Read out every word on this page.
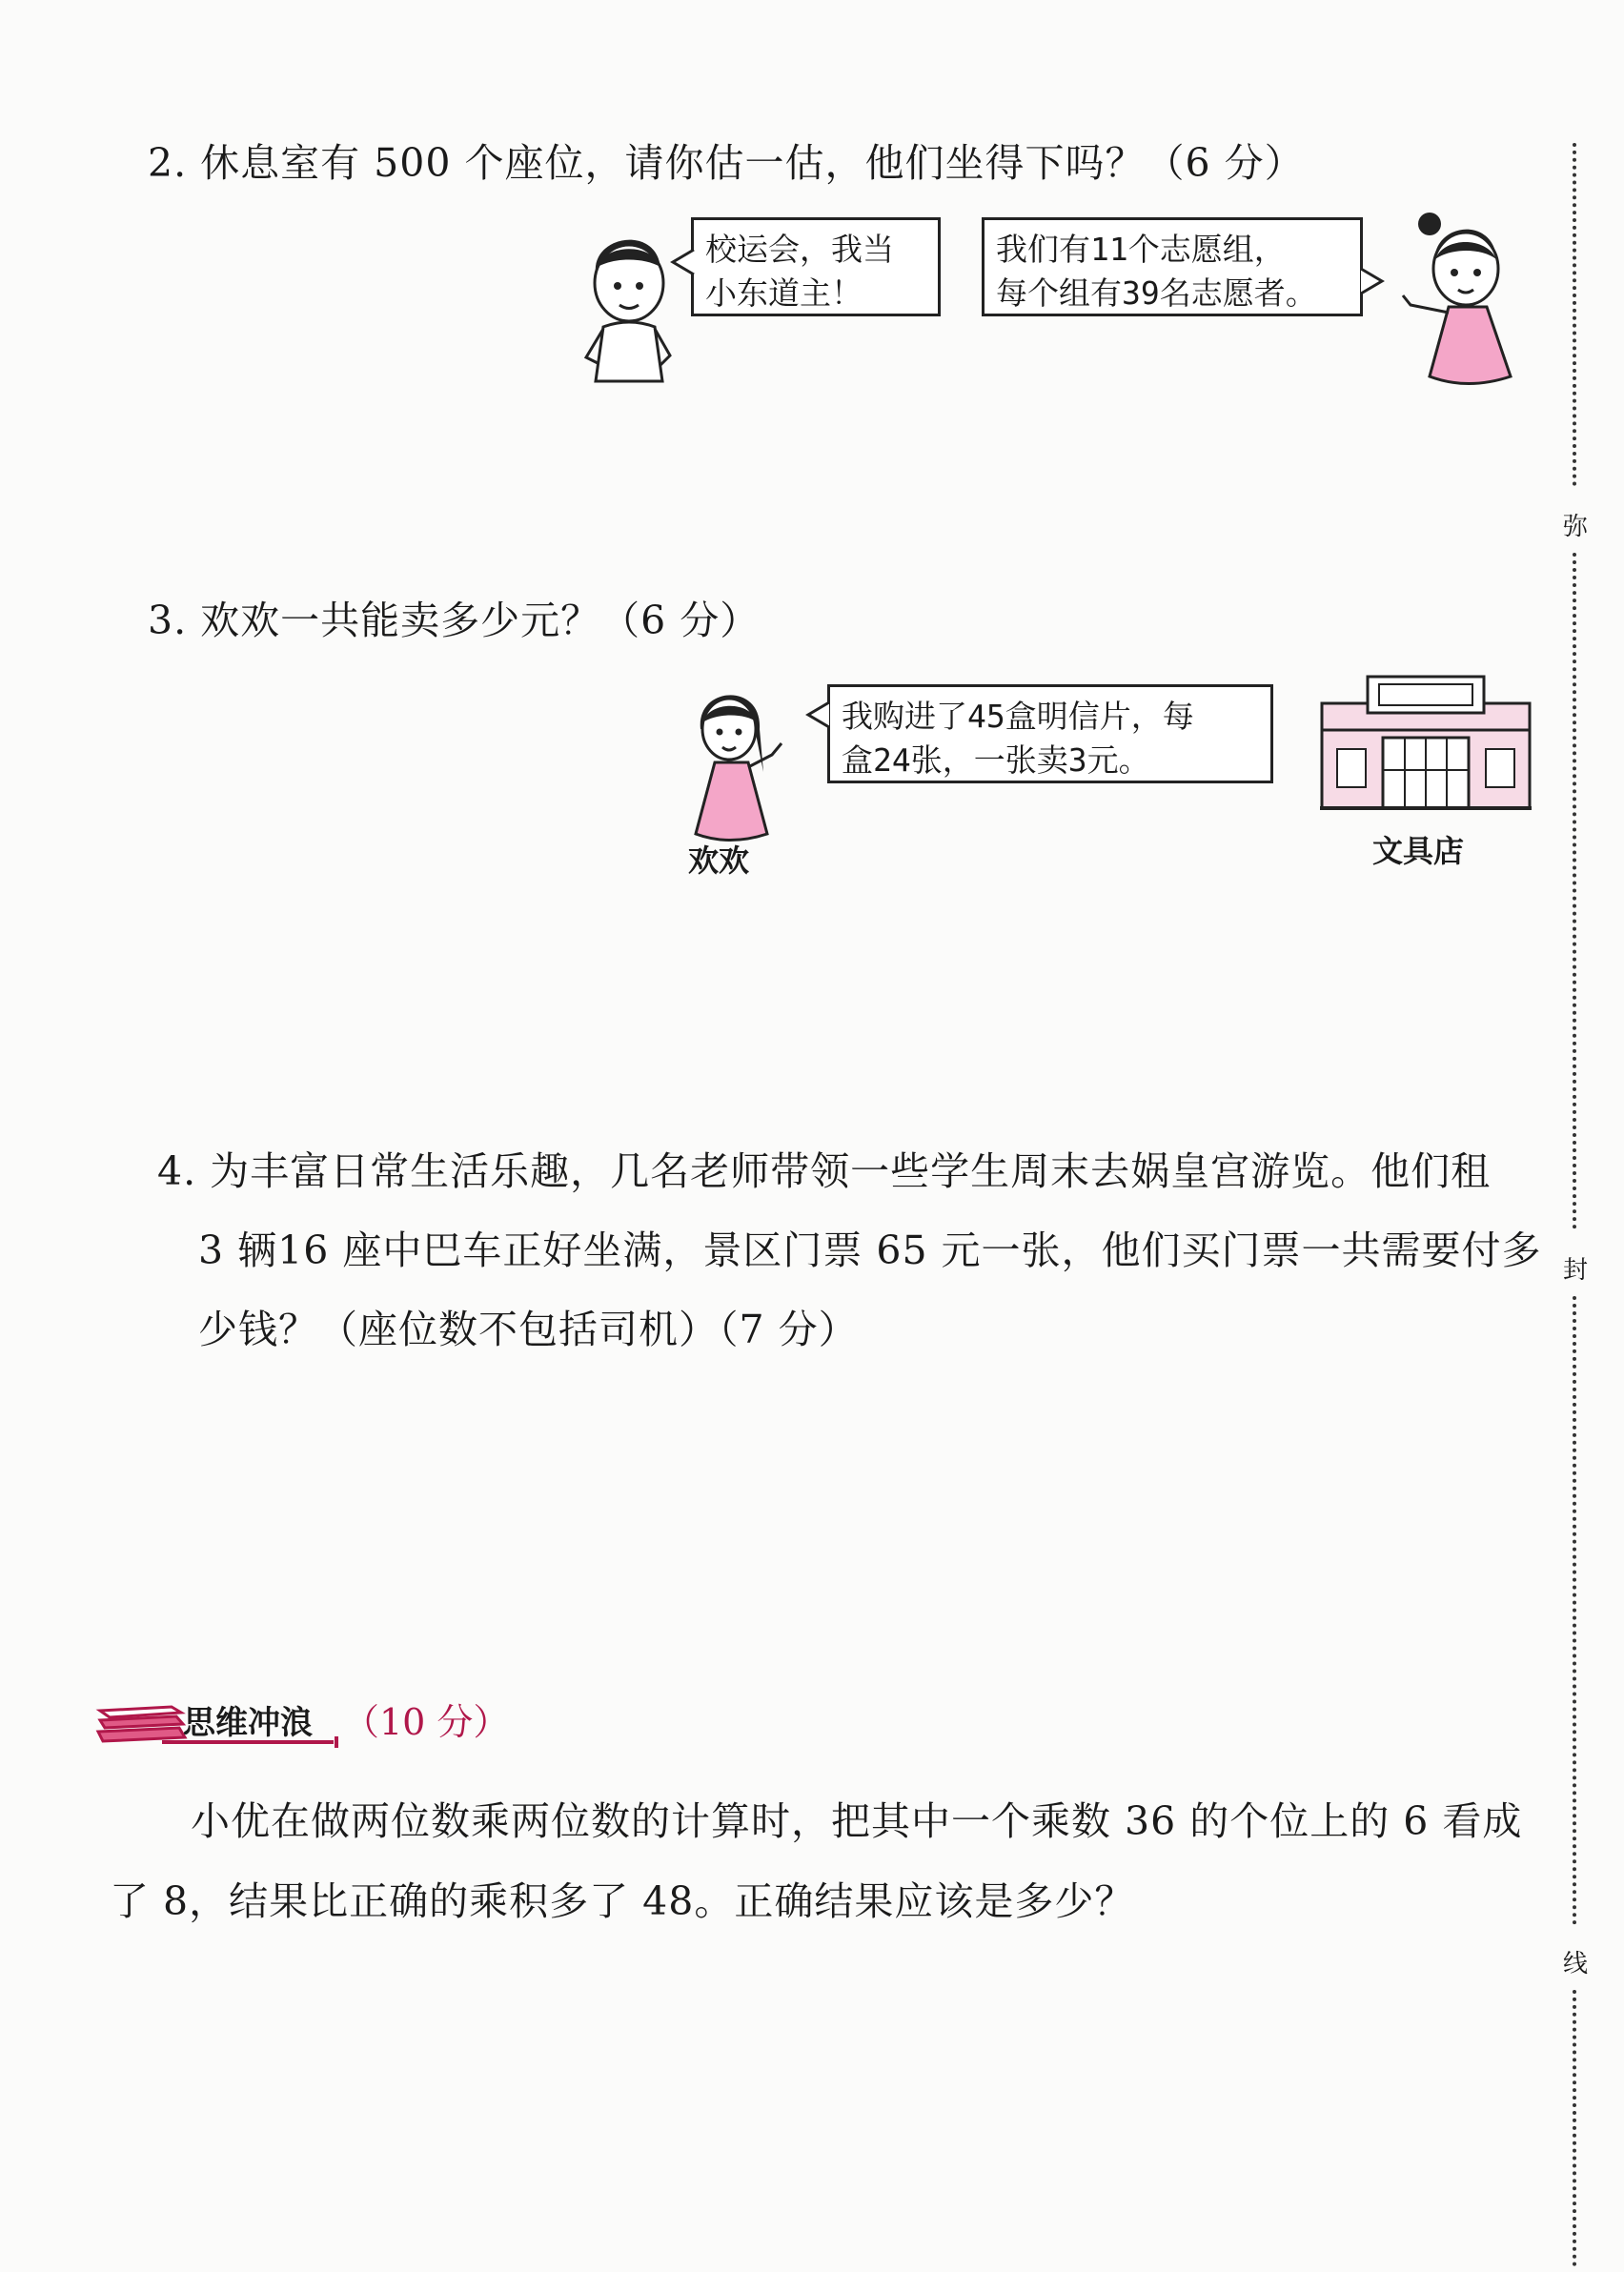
2. 休息室有 500 个座位，请你估一估，他们坐得下吗？（6 分）
校运会，我当
小东道主！
我们有11个志愿组，
每个组有39名志愿者。
3. 欢欢一共能卖多少元？（6 分）
欢欢
我购进了45盒明信片，每
盒24张，一张卖3元。
文具店
4. 为丰富日常生活乐趣，几名老师带领一些学生周末去娲皇宫游览。他们租
3 辆16 座中巴车正好坐满，景区门票 65 元一张，他们买门票一共需要付多
少钱？（座位数不包括司机）（7 分）
思维冲浪 （10 分）
小优在做两位数乘两位数的计算时，把其中一个乘数 36 的个位上的 6 看成
了 8，结果比正确的乘积多了 48。正确结果应该是多少？
弥
封
线
